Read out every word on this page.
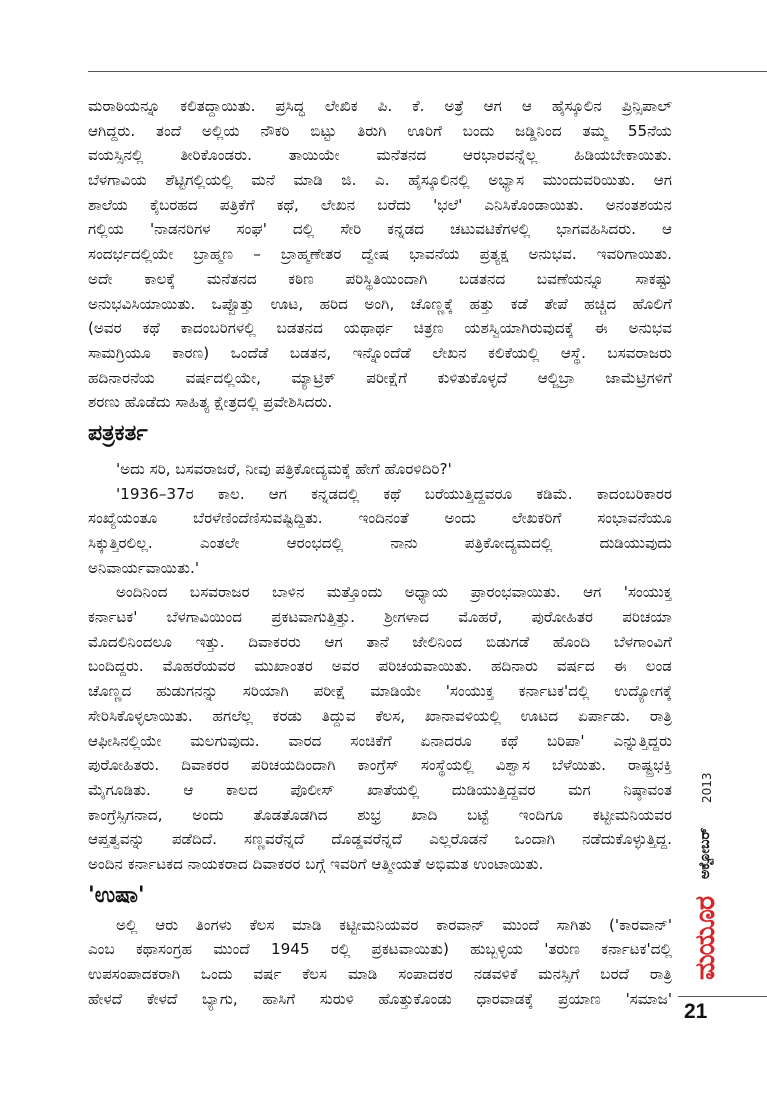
ಮರಾಠಿಯನ್ನೂ ಕಲಿತದ್ದಾಯಿತು. ಪ್ರಸಿದ್ಧ ಲೇಖಿಕ ಪಿ. ಕೆ. ಅತ್ರೆ ಆಗ ಆ ಹೈಸ್ಕೂಲಿನ ಪ್ರಿನ್ಸಿಪಾಲ್
ಆಗಿದ್ದರು. ತಂದೆ ಅಲ್ಲಿಯ ನೌಕರಿ ಬಿಟ್ಟು ತಿರುಗಿ ಊರಿಗೆ ಬಂದು ಜಡ್ಡಿನಿಂದ ತಮ್ಮ 55ನೆಯ
ವಯಸ್ಸಿನಲ್ಲಿ ತೀರಿಕೊಂಡರು. ತಾಯಿಯೇ ಮನೆತನದ ಆರಭಾರವನ್ನೆಲ್ಲ ಹಿಡಿಯಬೇಕಾಯಿತು.
ಬೆಳಗಾವಿಯ ಶೆಟ್ಟಿಗಲ್ಲಿಯಲ್ಲಿ ಮನೆ ಮಾಡಿ ಜಿ. ಎ. ಹೈಸ್ಕೂಲಿನಲ್ಲಿ ಅಭ್ಯಾಸ ಮುಂದುವರಿಯಿತು. ಆಗ
ಶಾಲೆಯ ಕೈಬರಹದ ಪತ್ರಿಕೆಗೆ ಕಥೆ, ಲೇಖನ ಬರೆದು 'ಭಲೆ' ಎನಿಸಿಕೊಂಡಾಯಿತು. ಅನಂತಶಯನ
ಗಲ್ಲಿಯ 'ನಾಡನರಿಗಳ ಸಂಘ' ದಲ್ಲಿ ಸೇರಿ ಕನ್ನಡದ ಚಟುವಟಿಕೆಗಳಲ್ಲಿ ಭಾಗವಹಿಸಿದರು. ಆ
ಸಂದರ್ಭದಲ್ಲಿಯೇ ಬ್ರಾಹ್ಮಣ – ಬ್ರಾಹ್ಮಣೇತರ ದ್ವೇಷ ಭಾವನೆಯ ಪ್ರತ್ಯಕ್ಷ ಅನುಭವ. ಇವರಿಗಾಯಿತು.
ಅದೇ ಕಾಲಕ್ಕೆ ಮನೆತನದ ಕಠಿಣ ಪರಿಸ್ಥಿತಿಯಿಂದಾಗಿ ಬಡತನದ ಬವಣೆಯನ್ನೂ ಸಾಕಷ್ಟು
ಅನುಭವಿಸಿಯಾಯಿತು. ಒಪ್ಪೊತ್ತು ಊಟ, ಹರಿದ ಅಂಗಿ, ಚೊಣ್ಣಕ್ಕೆ ಹತ್ತು ಕಡೆ ತೇಪೆ ಹಚ್ಚಿದ ಹೊಲಿಗೆ
(ಅವರ ಕಥೆ ಕಾದಂಬರಿಗಳಲ್ಲಿ ಬಡತನದ ಯಥಾರ್ಥ ಚಿತ್ರಣ ಯಶಸ್ವಿಯಾಗಿರುವುದಕ್ಕೆ ಈ ಅನುಭವ
ಸಾಮಗ್ರಿಯೂ ಕಾರಣ) ಒಂದೆಡೆ ಬಡತನ, ಇನ್ನೊಂದೆಡೆ ಲೇಖನ ಕಲಿಕೆಯಲ್ಲಿ ಆಸ್ಥೆ. ಬಸವರಾಜರು
ಹದಿನಾರನೆಯ ವರ್ಷದಲ್ಲಿಯೇ, ಮ್ಯಾಟ್ರಿಕ್ ಪರೀಕ್ಷೆಗೆ ಕುಳಿತುಕೊಳ್ಳದೆ ಆಲ್ಜಿಬ್ರಾ ಜಾಮೆಟ್ರಿಗಳಿಗೆ
ಶರಣು ಹೊಡೆದು ಸಾಹಿತ್ಯ ಕ್ಷೇತ್ರದಲ್ಲಿ ಪ್ರವೇಶಿಸಿದರು.
ಪತ್ರಕರ್ತ
'ಅದು ಸರಿ, ಬಸವರಾಜರೆ, ನೀವು ಪತ್ರಿಕೋದ್ಯಮಕ್ಕೆ ಹೇಗೆ ಹೊರಳಿದಿರಿ?'
'1936–37ರ ಕಾಲ. ಆಗ ಕನ್ನಡದಲ್ಲಿ ಕಥೆ ಬರೆಯುತ್ತಿದ್ದವರೂ ಕಡಿಮೆ. ಕಾದಂಬರಿಕಾರರ
ಸಂಖ್ಯೆಯಂತೂ ಬೆರಳೆಣಿಂದೆಣಿಸುವಷ್ಟಿದ್ದಿತು. ಇಂದಿನಂತೆ ಅಂದು ಲೇಖಕರಿಗೆ ಸಂಭಾವನೆಯೂ
ಸಿಕ್ಕುತ್ತಿರಲಿಲ್ಲ. ಎಂತಲೇ ಆರಂಭದಲ್ಲಿ ನಾನು ಪತ್ರಿಕೋದ್ಯಮದಲ್ಲಿ ದುಡಿಯುವುದು
ಅನಿವಾರ್ಯವಾಯಿತು.'
ಅಂದಿನಿಂದ ಬಸವರಾಜರ ಬಾಳಿನ ಮತ್ತೊಂದು ಅಧ್ಯಾಯ ಪ್ರಾರಂಭವಾಯಿತು. ಆಗ 'ಸಂಯುಕ್ತ
ಕರ್ನಾಟಕ' ಬೆಳಗಾವಿಯಿಂದ ಪ್ರಕಟವಾಗುತ್ತಿತ್ತು. ಶ್ರೀಗಳಾದ ಮೊಹರೆ, ಪುರೋಹಿತರ ಪರಿಚಯಾ
ಮೊದಲಿನಿಂದಲೂ ಇತ್ತು. ದಿವಾಕರರು ಆಗ ತಾನೆ ಜೇಲಿನಿಂದ ಬಿಡುಗಡೆ ಹೊಂದಿ ಬೆಳಗಾಂವಿಗೆ
ಬಂದಿದ್ದರು. ಮೊಹರೆಯವರ ಮುಖಾಂತರ ಅವರ ಪರಿಚಯವಾಯಿತು. ಹದಿನಾರು ವರ್ಷದ ಈ ಲಂಡ
ಚೊಣ್ಣದ ಹುಡುಗನನ್ನು ಸರಿಯಾಗಿ ಪರೀಕ್ಷೆ ಮಾಡಿಯೇ 'ಸಂಯುಕ್ತ ಕರ್ನಾಟಕ'ದಲ್ಲಿ ಉದ್ಯೋಗಕ್ಕೆ
ಸೇರಿಸಿಕೊಳ್ಳಲಾಯಿತು. ಹಗಲೆಲ್ಲ ಕರಡು ತಿದ್ದುವ ಕೆಲಸ, ಖಾನಾವಳಿಯಲ್ಲಿ ಊಟದ ಏರ್ಪಾಡು. ರಾತ್ರಿ
ಆಫೀಸಿನಲ್ಲಿಯೇ ಮಲಗುವುದು. ವಾರದ ಸಂಚಿಕೆಗೆ ಏನಾದರೂ ಕಥೆ ಬರಿಪಾ' ಎನ್ನುತ್ತಿದ್ದರು
ಪುರೋಹಿತರು. ದಿವಾಕರರ ಪರಿಚಯದಿಂದಾಗಿ ಕಾಂಗ್ರೆಸ್ ಸಂಸ್ಥೆಯಲ್ಲಿ ವಿಶ್ವಾಸ ಬೆಳೆಯಿತು. ರಾಷ್ಟ್ರಭಕ್ತಿ
ಮೈಗೂಡಿತು. ಆ ಕಾಲದ ಪೊಲೀಸ್ ಖಾತೆಯಲ್ಲಿ ದುಡಿಯುತ್ತಿದ್ದವರ ಮಗ ನಿಷ್ಠಾವಂತ
ಕಾಂಗ್ರೆಸ್ಸಿಗನಾದ, ಅಂದು ತೊಡತೊಡಗಿದ ಶುಭ್ರ ಖಾದಿ ಬಟ್ಟೆ ಇಂದಿಗೂ ಕಟ್ಟೀಮನಿಯವರ
ಆಪ್ತತ್ವವನ್ನು ಪಡೆದಿದೆ. ಸಣ್ಣವರೆನ್ನದೆ ದೊಡ್ಡವರೆನ್ನದೆ ಎಲ್ಲರೊಡನೆ ಒಂದಾಗಿ ನಡೆದುಕೊಳ್ಳುತ್ತಿದ್ದ.
ಅಂದಿನ ಕರ್ನಾಟಕದ ನಾಯಕರಾದ ದಿವಾಕರರ ಬಗ್ಗೆ ಇವರಿಗೆ ಆತ್ಮೀಯತೆ ಅಭಿಮತ ಉಂಟಾಯಿತು.
'ಉಷಾ'
ಅಲ್ಲಿ ಆರು ತಿಂಗಳು ಕೆಲಸ ಮಾಡಿ ಕಟ್ಟೀಮನಿಯವರ ಕಾರವಾನ್ ಮುಂದೆ ಸಾಗಿತು ('ಕಾರವಾನ್'
ಎಂಬ ಕಥಾಸಂಗ್ರಹ ಮುಂದೆ 1945 ರಲ್ಲಿ ಪ್ರಕಟವಾಯಿತು) ಹುಬ್ಬಳ್ಳಿಯ 'ತರುಣ ಕರ್ನಾಟಕ'ದಲ್ಲಿ
ಉಪಸಂಪಾದಕರಾಗಿ ಒಂದು ವರ್ಷ ಕೆಲಸ ಮಾಡಿ ಸಂಪಾದಕರ ನಡವಳಿಕೆ ಮನಸ್ಸಿಗೆ ಬರದೆ ರಾತ್ರಿ
ಹೇಳದೆ ಕೇಳದೆ ಬ್ಯಾಗು, ಹಾಸಿಗೆ ಸುರುಳಿ ಹೊತ್ತುಕೊಂಡು ಧಾರವಾಡಕ್ಕೆ ಪ್ರಯಾಣ 'ಸಮಾಜ'
2013
ಅಕ್ಟೋಬರ್
ಮಯೂರ
21
